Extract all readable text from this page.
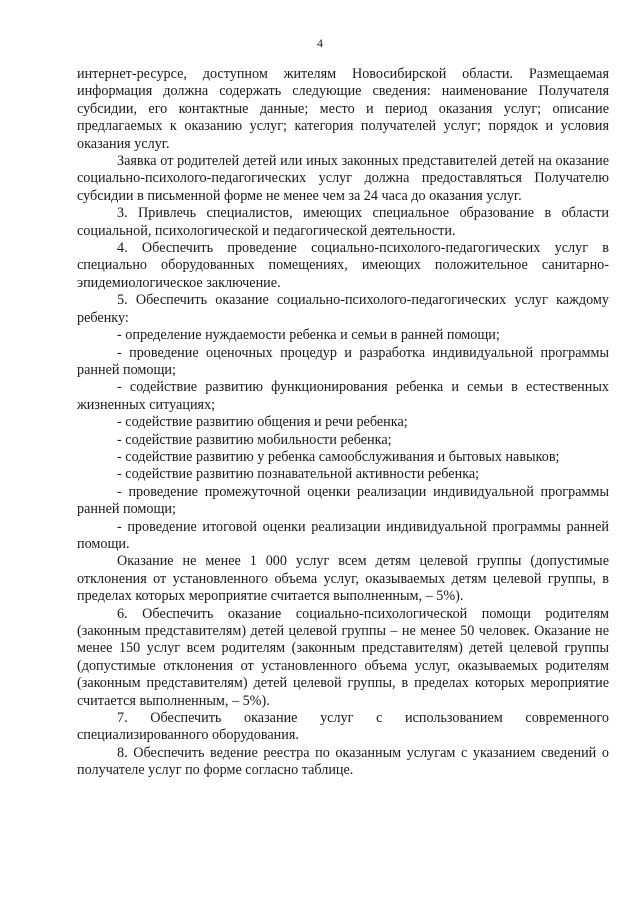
4

интернет-ресурсе, доступном жителям Новосибирской области. Размещаемая информация должна содержать следующие сведения: наименование Получателя субсидии, его контактные данные; место и период оказания услуг; описание предлагаемых к оказанию услуг; категория получателей услуг; порядок и условия оказания услуг.

Заявка от родителей детей или иных законных представителей детей на оказание социально-психолого-педагогических услуг должна предоставляться Получателю субсидии в письменной форме не менее чем за 24 часа до оказания услуг.

3. Привлечь специалистов, имеющих специальное образование в области социальной, психологической и педагогической деятельности.

4. Обеспечить проведение социально-психолого-педагогических услуг в специально оборудованных помещениях, имеющих положительное санитарно-эпидемиологическое заключение.

5. Обеспечить оказание социально-психолого-педагогических услуг каждому ребенку:

- определение нуждаемости ребенка и семьи в ранней помощи;

- проведение оценочных процедур и разработка индивидуальной программы ранней помощи;

- содействие развитию функционирования ребенка и семьи в естественных жизненных ситуациях;

- содействие развитию общения и речи ребенка;

- содействие развитию мобильности ребенка;

- содействие развитию у ребенка самообслуживания и бытовых навыков;

- содействие развитию познавательной активности ребенка;

- проведение промежуточной оценки реализации индивидуальной программы ранней помощи;

- проведение итоговой оценки реализации индивидуальной программы ранней помощи.

Оказание не менее 1 000 услуг всем детям целевой группы (допустимые отклонения от установленного объема услуг, оказываемых детям целевой группы, в пределах которых мероприятие считается выполненным, – 5%).

6. Обеспечить оказание социально-психологической помощи родителям (законным представителям) детей целевой группы – не менее 50 человек. Оказание не менее 150 услуг всем родителям (законным представителям) детей целевой группы (допустимые отклонения от установленного объема услуг, оказываемых родителям (законным представителям) детей целевой группы, в пределах которых мероприятие считается выполненным, – 5%).

7. Обеспечить оказание услуг с использованием современного специализированного оборудования.

8. Обеспечить ведение реестра по оказанным услугам с указанием сведений о получателе услуг по форме согласно таблице.
